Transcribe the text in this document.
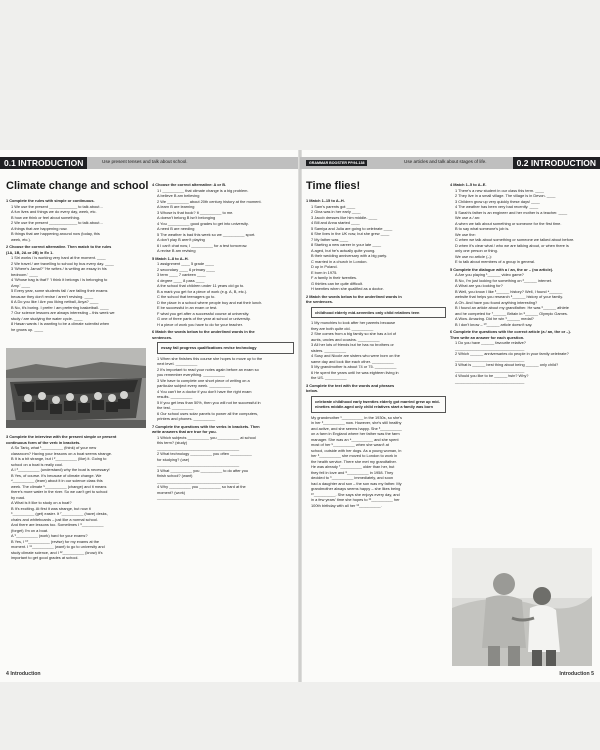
0.1 INTRODUCTION	Use present tenses and talk about school.
Climate change and school

1 Complete the rules with simple or continuous.

1 We use the present _____________ to talk about…

A fun lives and things we do every day, week, etc.

B how we think or feel about something.

2 We use the present _____________ to talk about…

A things that are happening now.

B things that are happening around now (today, this

week, etc.).

2 Choose the correct alternative. Then match to the rules

(1A, 1B, 2A or 2B) in Ex 1.

1 Siri works / is working very hard at the moment. ____

2 We travel / are travelling to school by bus every day. ____

3 'Where's Jamal?' 'He writes / is writing an essay in his

bedroom.' ____

4 'Whose bag is that?' 'I think it belongs / is belonging to

Amy.' ____

5 Every year, some students fail / are failing their exams

because they don't revise / aren't revising. ____

6 A Do you like / Are you liking netball, Anya? ____

B No, it's boring. I prefer / am preferring basketball. ____

7 Our science lessons are always interesting – this week we

study / are studying the water cycle. ____

8 Hasan wants / is wanting to be a climate scientist when

he grows up. ____

3 Complete the interview with the present simple or present

continuous form of the verb in brackets.

A So Tariq, what ¹__________ (think) of your new

classroom? Having your lessons on a boat seems strange.

B It is a bit strange, but I ²__________ (like) it. Going to

school on a boat is really cool.

A I ³__________ (understand) why the boat is necessary!

B Yes, of course. It's because of climate change. We

⁴__________ (learn) about it in our science class this

week. The climate ⁵__________ (change) and it means

there's more water in the river. So we can't get to school

by road.

A What is it like to study on a boat?

B It's exciting. At first it was strange, but now it

⁶__________ (get) easier. It ⁷__________ (have) desks,

chairs and whiteboards – just like a normal school.

And there are lessons too. Sometimes I ⁸__________

(forget) I'm on a boat.

A ⁹__________ (work) hard for your exams?

B Yes, I ¹⁰__________ (revise) for my exams at the

moment. I ¹¹__________ (want) to go to university and

study climate science, and I ¹²__________ (know) it's

important to get good grades at school.

4 Choose the correct alternative: A or B.

1 I __________ that climate change is a big problem.

A believe B am believing

2 We __________ about 20th century history at the moment.

A learn B are learning

3 Whose is that book? It __________ to me.

A doesn't belong B isn't belonging

4 You __________ good grades to get into university.

A need B are needing

5 The weather is bad this week so we __________ sport.

A don't play B aren't playing

6 I can't chat now, I __________ for a test tomorrow.

A revise B am revising

5 Match 1–8 to A–H.

1 assignment ____ 5 grade ____

2 secondary ____ 6 primary ____

3 term ____ 7 canteen ____

4 degree ____ 8 pass ____

A the school that children under 11 years old go to.

B a mark you get for a piece of work (e.g. A, B, etc.).

C the school that teenagers go to.

D the place in a school where people buy and eat their lunch.

E be successful in an exam or test.

F what you get after a successful course at university.

G one of three parts of the year at school or university.

H a piece of work you have to do for your teacher.

6 Match the words below to the underlined words in the

sentences.

essay fail progress qualifications revise technology

1 When she finishes this course she hopes to move up to the

next level. __________

2 It's important to read your notes again before an exam so

you remember everything. __________

3 We have to complete one short piece of writing on a

particular subject every week. __________

4 You can't be a doctor if you don't have the right exam

results. __________

5 If you get less than 50%, then you will not be successful in

the test. __________

6 Our school uses solar panels to power all the computers,

printers and phones. __________

7 Complete the questions with the verbs in brackets. Then

write answers that are true for you.

1 Which subjects __________ you __________ at school

this term? (study)

______________________________________

2 What technology __________ you often __________

for studying? (use)

______________________________________

3 What __________ you __________ to do after you

finish school? (want)

______________________________________

4 Why __________ you __________ so hard at the

moment? (work)

______________________________________

4 Introduction
GRAMMAR BOOSTER PP.94-138	Use articles and talk about stages of life.	0.2 INTRODUCTION
Time flies!

1 Match 1–15 to A–H.

1 Sam's parents got ____

2 Gina was in her early ____

3 Jacob dresses like him middle- ____

4 Bill and Anna started ____

5 Samiya and Julia are going to celebrate ____

6 She lives in the UK now, but she grew ____

7 My father was ____

8 Starting a new career in your late ____

A aged, but he's actually quite young.

B their wedding anniversary with a big party.

C married in a church in London.

D up in Poland.

E born in 1975.

F a family in their twenties.

G thirties can be quite difficult.

H twenties when she qualified as a doctor.

2 Match the words below to the underlined words in

the sentences.

childhood elderly mid-seventies only child relatives teen

1 My munchies to look after her parents because

they are both quite old. __________

2 She comes from a big family so she has a lot of

aunts, uncles and cousins. __________

3 All her lots of friends but he has no brothers or

sisters. __________

4 Susy and Nicole are sisters who were born on the

same day and look like each other. __________

5 My grandmother is about 74 or 75. __________

6 He spent the years until he was eighteen living in

the US. __________

3 Complete the text with the words and phrases

below.

celebrate childhood early twenties elderly got married grew up mid-nineties middle-aged only child relatives start a family was born

My grandmother ¹__________ in the 1930s, so she's

in her ²__________ now. However, she's still healthy

and active, and she seems happy. She ³__________

on a farm in England where her father was the farm

manager. She was an ⁴__________ and she spent

most of her ⁵__________ when she wasn't at

school, outside with her dogs. As a young woman, in

her ⁶__________ she moved to London to work in

the health service. There she met my grandfather.

He was already ⁷__________ older than her, but

they fell in love and ⁸__________ in 1958. They

decided to ⁹__________ immediately, and soon

had a daughter and son – the son was my father. My

grandmother always seems happy – she likes being

¹⁰__________. She says she enjoys every day, and

in a few years' time she hopes to ¹¹__________ her

100th birthday with all her ¹²__________.

4 Match 1–5 to A–E.

1 There's a new student in our class this term. ____

2 They live in a small village. The village is in Devon. ____

3 Children grow up very quickly these days! ____

4 The weather has been very bad recently. ____

5 Sarah's father is an engineer and her mother is a teacher. ____

We use a / an:

A when we talk about something or someone for the first time.

B to say what someone's job is.

We use the:

C when we talk about something or someone we talked about before.

D when it's clear what / who we are talking about, or when there is

only one person or thing.

We use no article (–):

E to talk about members of a group in general.

5 Complete the dialogue with a / an, the or – (no article).

A Are you playing ¹______ video game?

B No, I'm just looking for something on ²______ internet.

A What are you looking for?

B Well, you know I like ³______ history? Well, I found ⁴______

website that helps you research ⁵______ history of your family.

A Oh. And have you found anything interesting?

B I found an article about my grandfather. He was ⁶______ athlete

and he competed for ⁷______ Britain in ⁸______ Olympic Games.

A Wow. Amazing. Did he win ⁹______ medal?

B I don't know – ¹⁰______ article doesn't say.

6 Complete the questions with the correct article (a / an, the or –).

Then write an answer for each question.

1 Do you have ______ favourite relative?

________________________________

2 Which ______ anniversaries do people in your family celebrate?

________________________________

3 What is ______ best thing about being ______ only child?

________________________________

4 Would you like to be ______ twin? Why?

________________________________

Introduction 5
